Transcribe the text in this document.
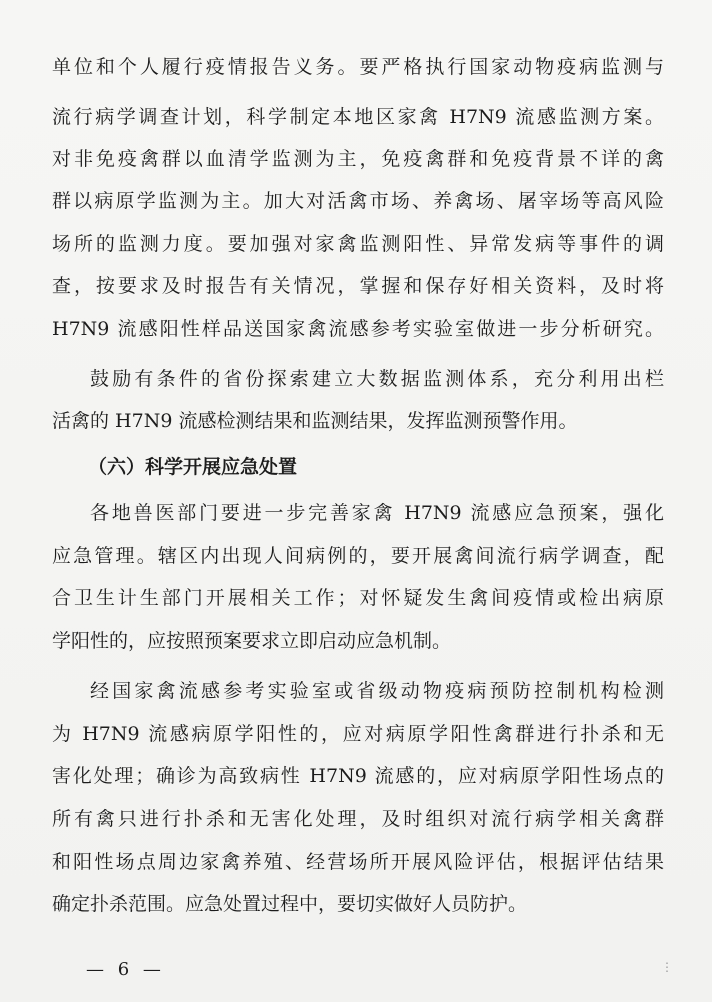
单位和个人履行疫情报告义务。要严格执行国家动物疫病监测与
流行病学调查计划，科学制定本地区家禽 H7N9 流感监测方案。
对非免疫禽群以血清学监测为主，免疫禽群和免疫背景不详的禽
群以病原学监测为主。加大对活禽市场、养禽场、屠宰场等高风险
场所的监测力度。要加强对家禽监测阳性、异常发病等事件的调
查，按要求及时报告有关情况，掌握和保存好相关资料，及时将
H7N9 流感阳性样品送国家禽流感参考实验室做进一步分析研究。
鼓励有条件的省份探索建立大数据监测体系，充分利用出栏
活禽的 H7N9 流感检测结果和监测结果，发挥监测预警作用。
（六）科学开展应急处置
各地兽医部门要进一步完善家禽 H7N9 流感应急预案，强化
应急管理。辖区内出现人间病例的，要开展禽间流行病学调查，配
合卫生计生部门开展相关工作；对怀疑发生禽间疫情或检出病原
学阳性的，应按照预案要求立即启动应急机制。
经国家禽流感参考实验室或省级动物疫病预防控制机构检测
为 H7N9 流感病原学阳性的，应对病原学阳性禽群进行扑杀和无
害化处理；确诊为高致病性 H7N9 流感的，应对病原学阳性场点的
所有禽只进行扑杀和无害化处理，及时组织对流行病学相关禽群
和阳性场点周边家禽养殖、经营场所开展风险评估，根据评估结果
确定扑杀范围。应急处置过程中，要切实做好人员防护。
— 6 —	⋮
